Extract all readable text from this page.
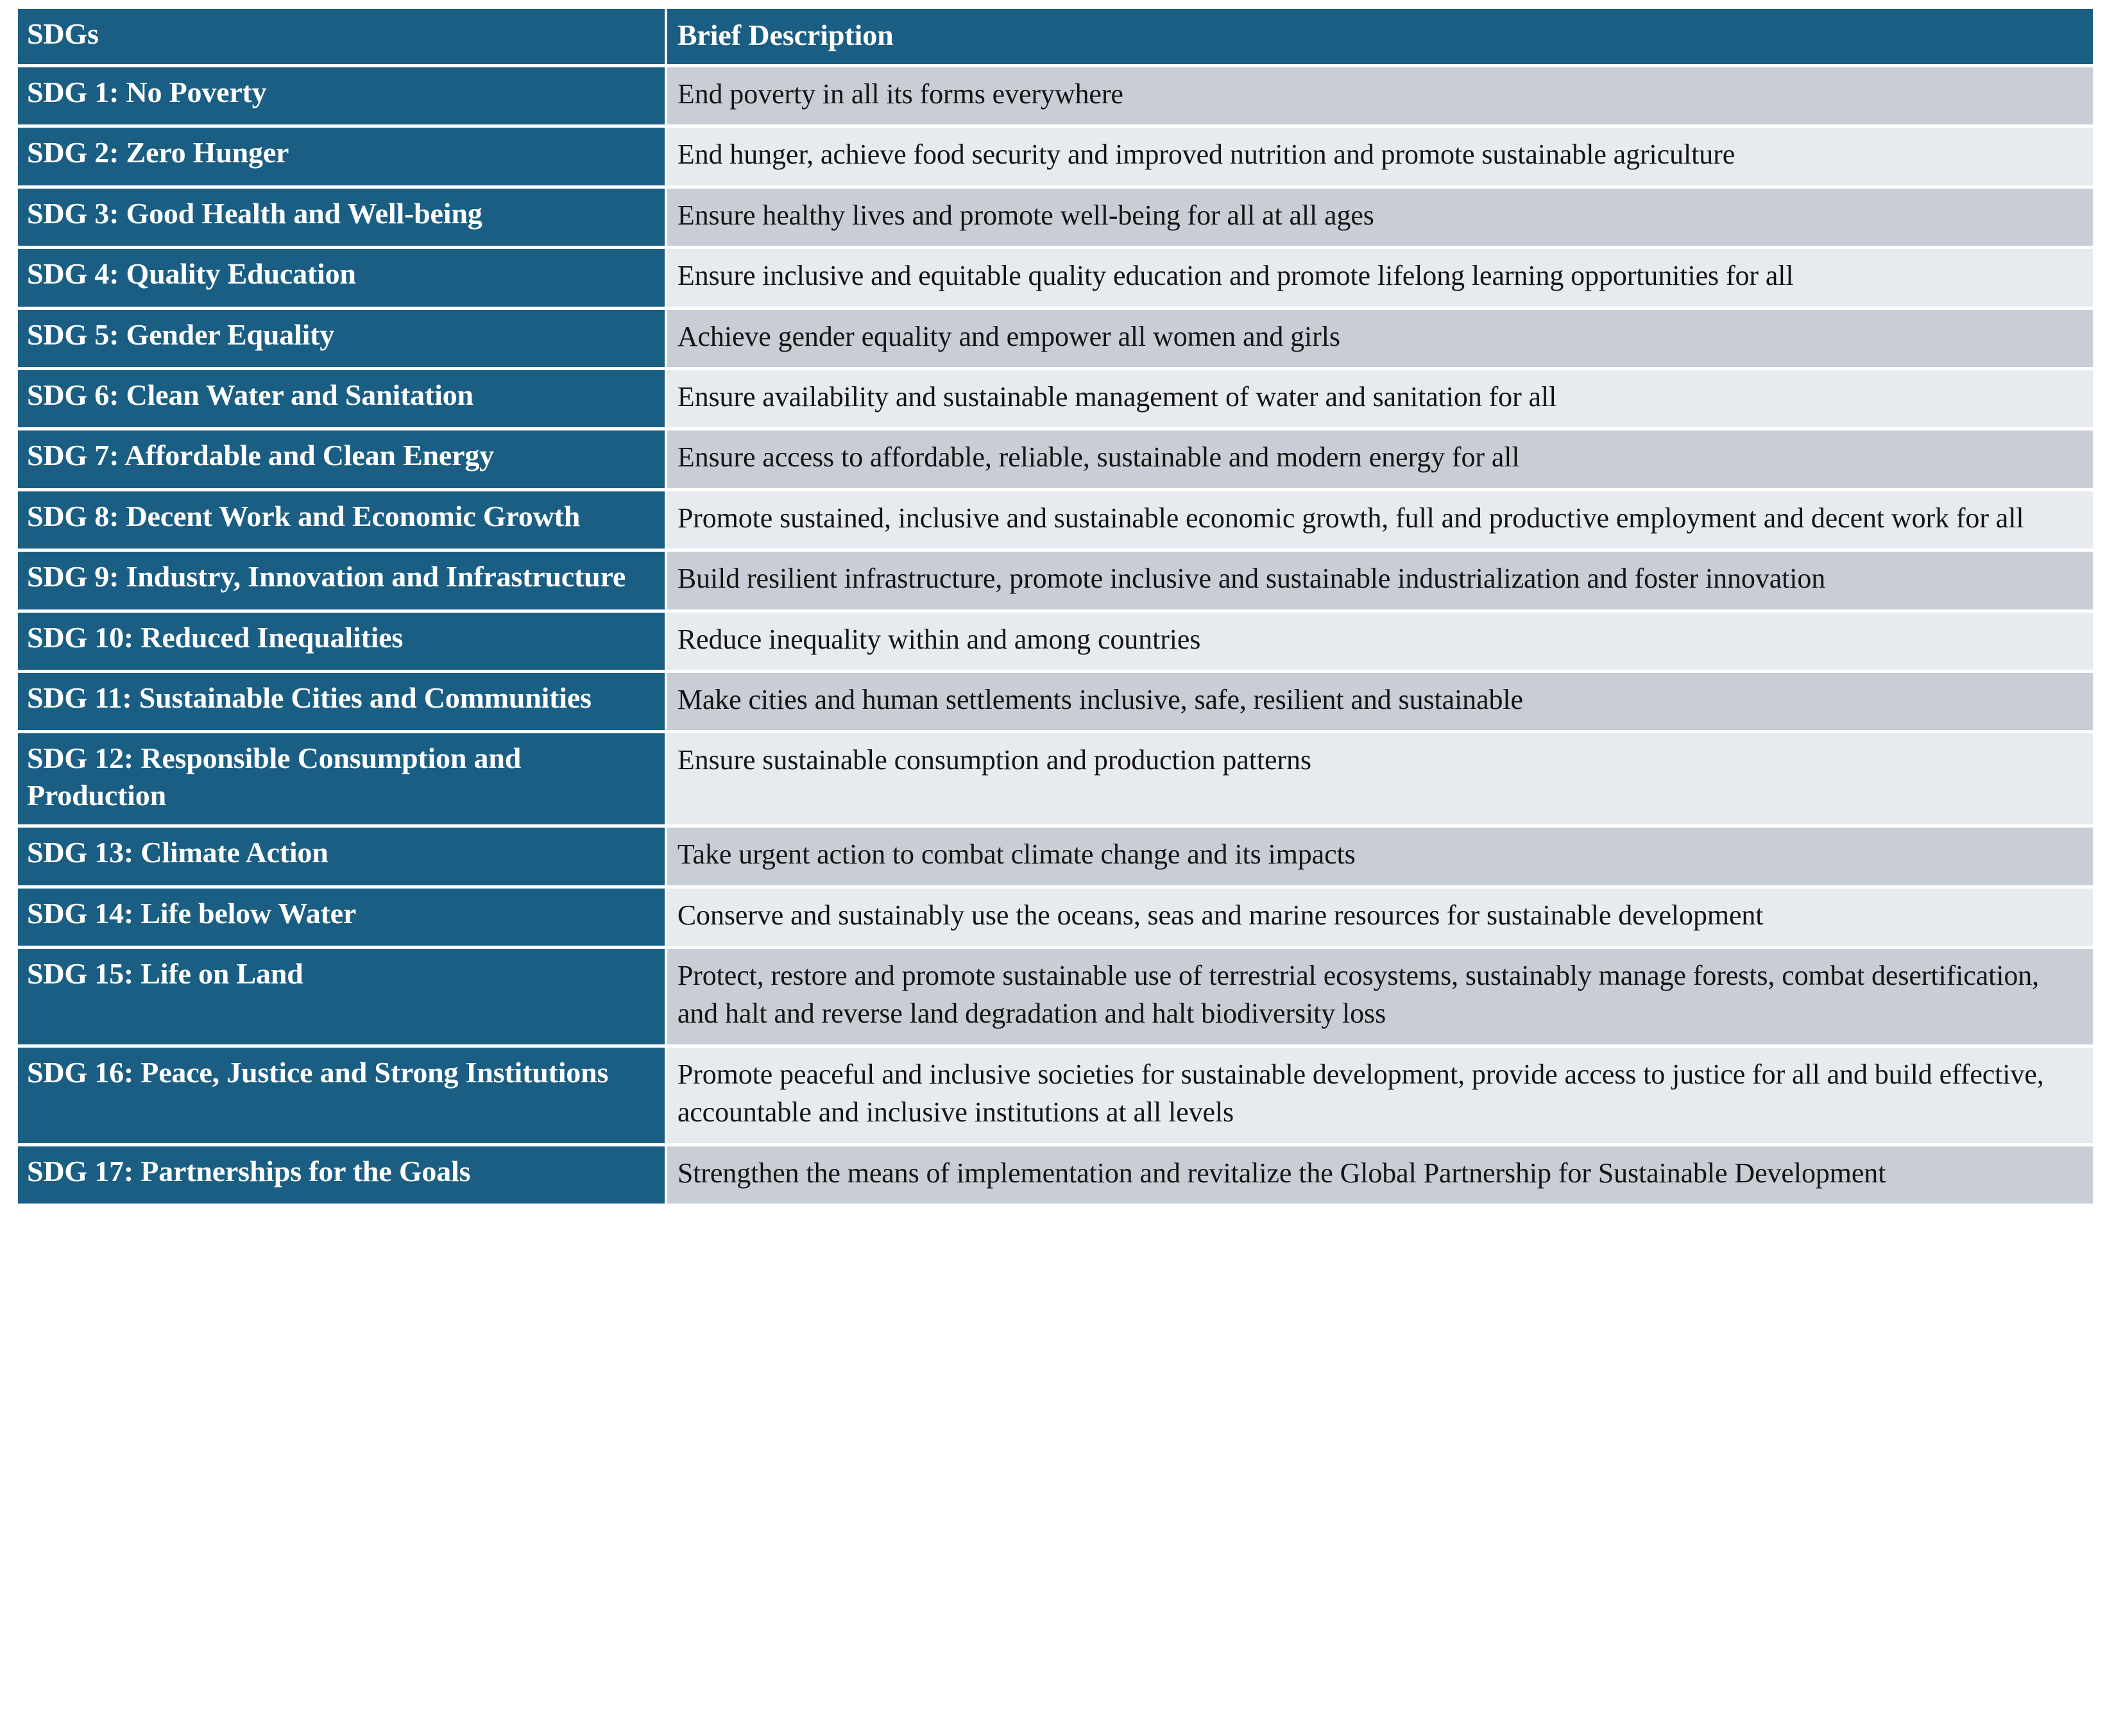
SDGs	Brief Description
SDG 1: No Poverty	End poverty in all its forms everywhere
SDG 2: Zero Hunger	End hunger, achieve food security and improved nutrition and promote sustainable agriculture
SDG 3: Good Health and Well-being	Ensure healthy lives and promote well-being for all at all ages
SDG 4: Quality Education	Ensure inclusive and equitable quality education and promote lifelong learning opportunities for all
SDG 5: Gender Equality	Achieve gender equality and empower all women and girls
SDG 6: Clean Water and Sanitation	Ensure availability and sustainable management of water and sanitation for all
SDG 7: Affordable and Clean Energy	Ensure access to affordable, reliable, sustainable and modern energy for all
SDG 8: Decent Work and Economic Growth	Promote sustained, inclusive and sustainable economic growth, full and productive employment and decent work for all
SDG 9: Industry, Innovation and Infrastructure	Build resilient infrastructure, promote inclusive and sustainable industrialization and foster innovation
SDG 10: Reduced Inequalities	Reduce inequality within and among countries
SDG 11: Sustainable Cities and Communities	Make cities and human settlements inclusive, safe, resilient and sustainable
SDG 12: Responsible Consumption and Production	Ensure sustainable consumption and production patterns
SDG 13: Climate Action	Take urgent action to combat climate change and its impacts
SDG 14: Life below Water	Conserve and sustainably use the oceans, seas and marine resources for sustainable development
SDG 15: Life on Land	Protect, restore and promote sustainable use of terrestrial ecosystems, sustainably manage forests, combat desertification, and halt and reverse land degradation and halt biodiversity loss
SDG 16: Peace, Justice and Strong Institutions	Promote peaceful and inclusive societies for sustainable development, provide access to justice for all and build effective, accountable and inclusive institutions at all levels
SDG 17: Partnerships for the Goals	Strengthen the means of implementation and revitalize the Global Partnership for Sustainable Development
